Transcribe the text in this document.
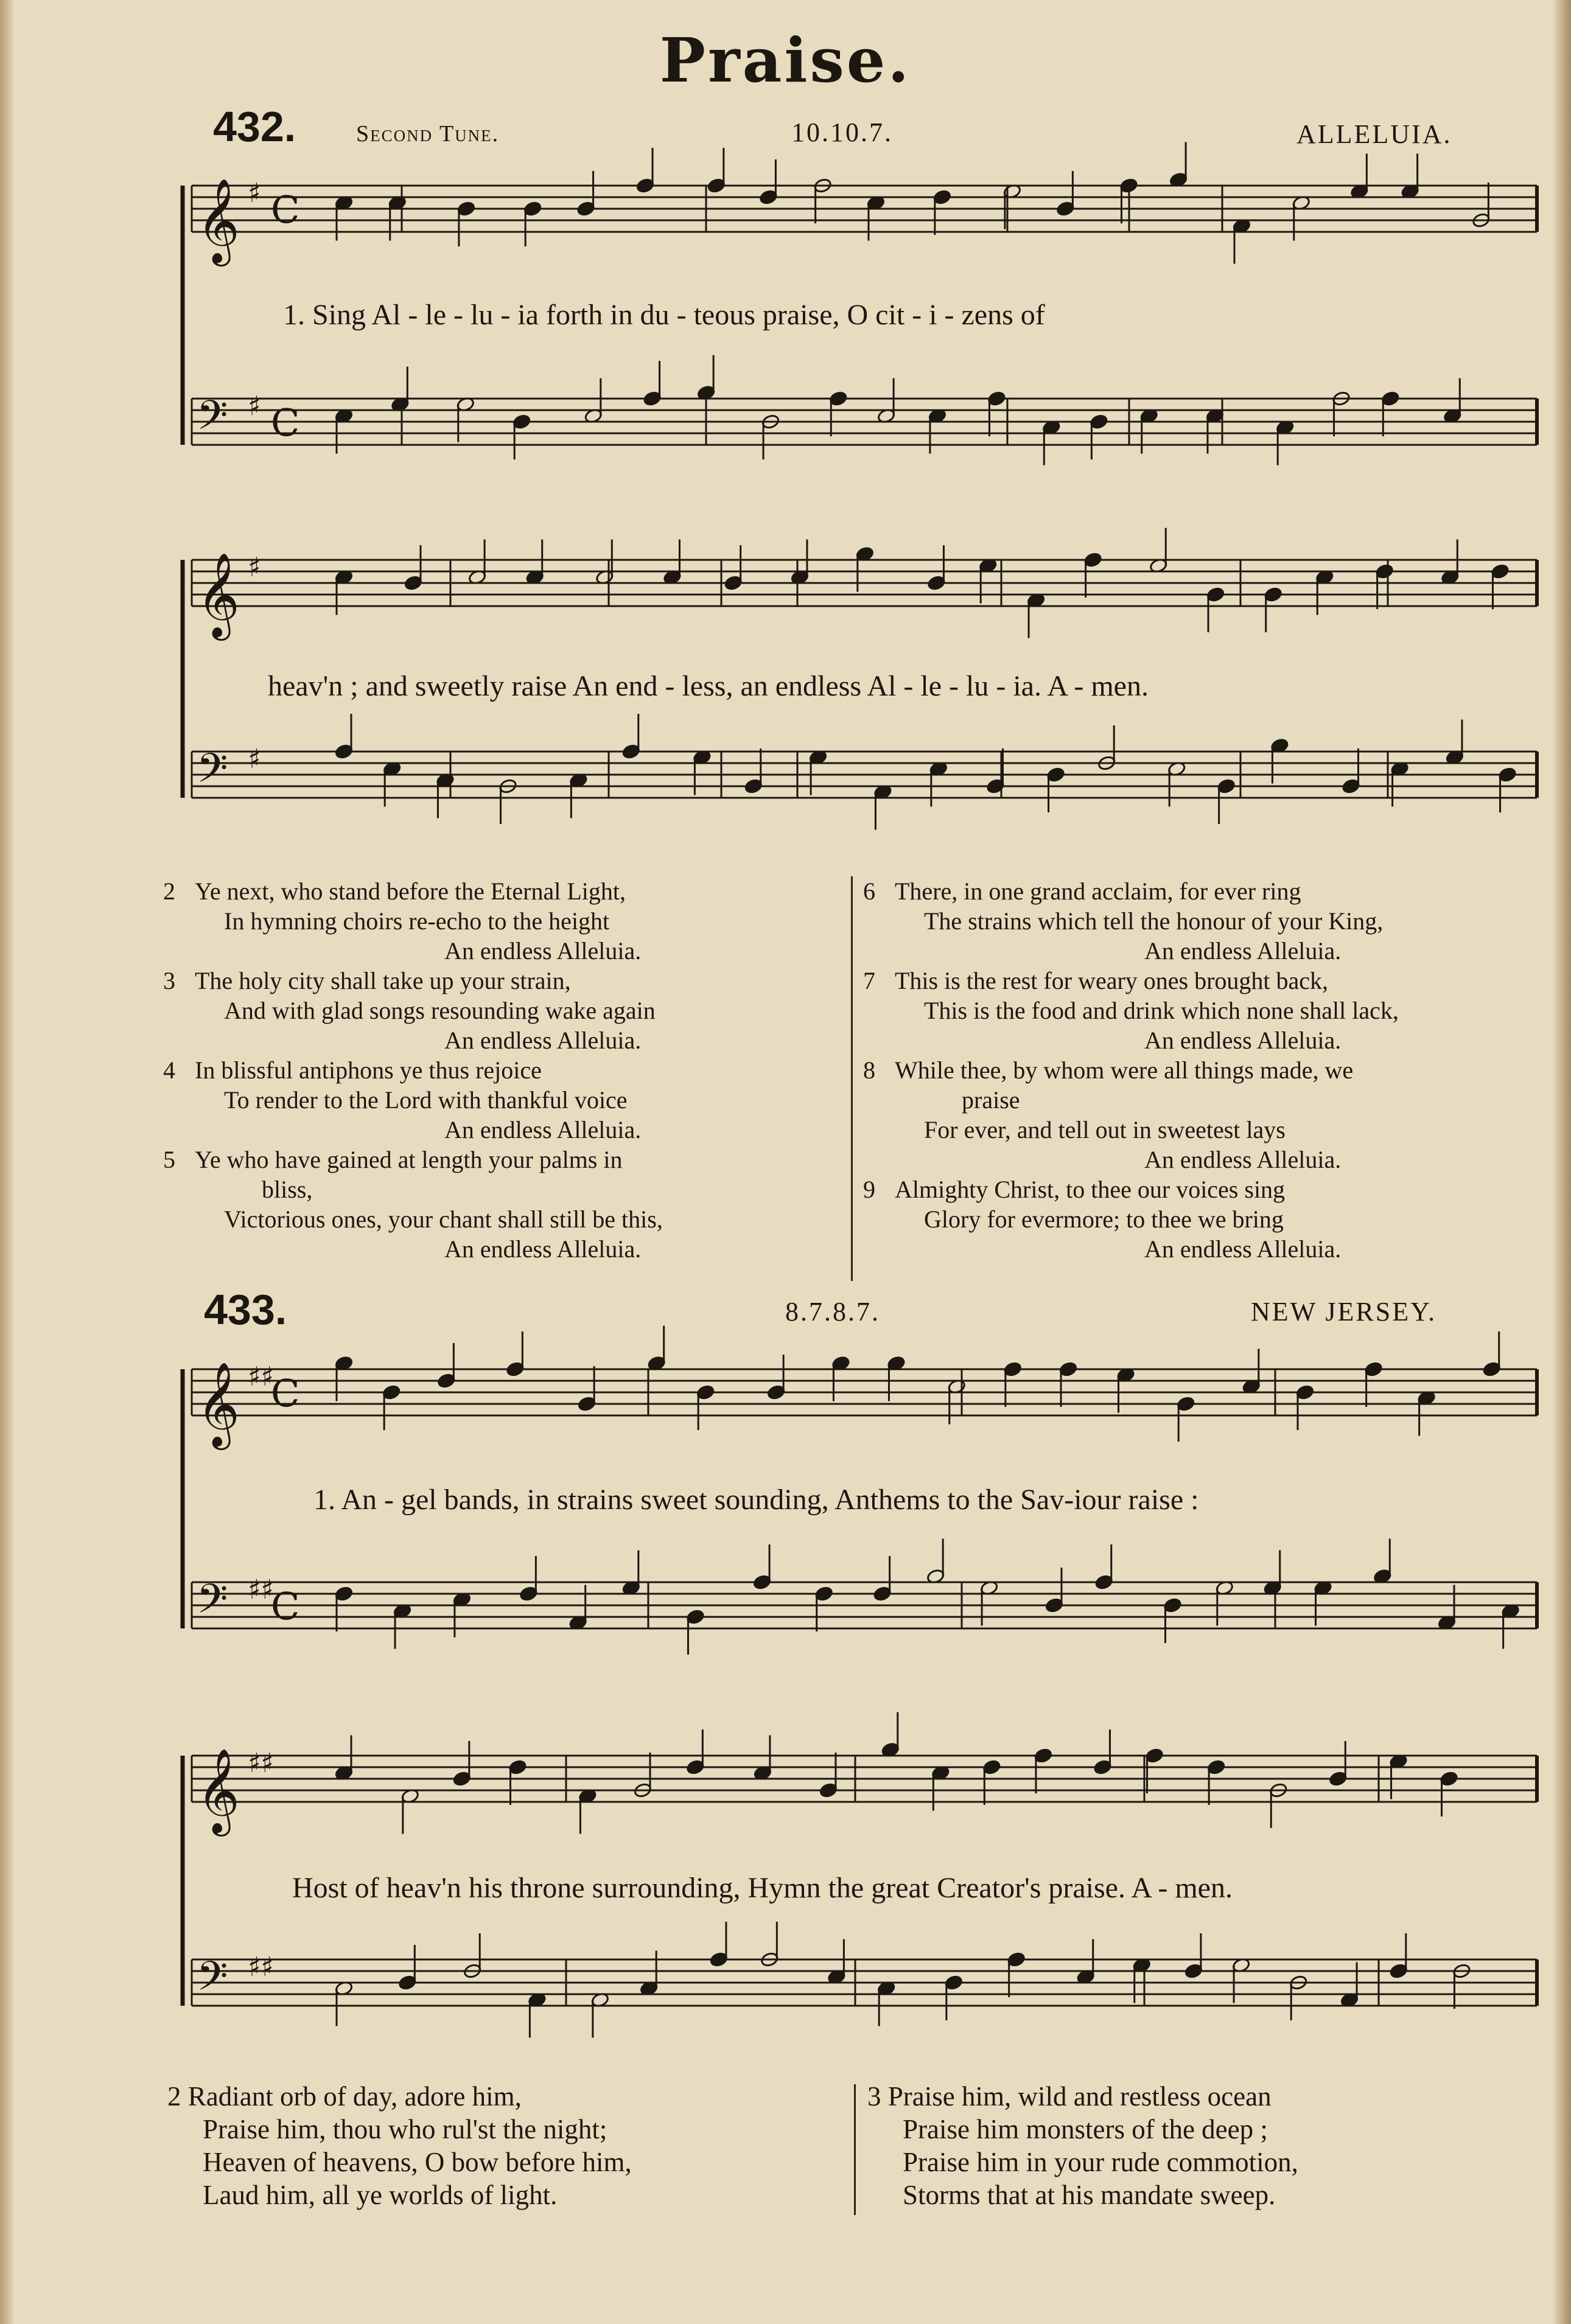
Praise.
432.	Second Tune.	10.10.7.	ALLELUIA.
1. Sing Al - le - lu - ia forth in du - teous praise, O cit - i - zens of
heav'n ; and sweetly raise An end - less, an endless Al - le - lu - ia. A - men.
2 Ye next, who stand before the Eternal Light,
In hymning choirs re-echo to the height
An endless Alleluia.
3 The holy city shall take up your strain,
And with glad songs resounding wake again
An endless Alleluia.
4 In blissful antiphons ye thus rejoice
To render to the Lord with thankful voice
An endless Alleluia.
5 Ye who have gained at length your palms in
bliss,
Victorious ones, your chant shall still be this,
An endless Alleluia.
6 There, in one grand acclaim, for ever ring
The strains which tell the honour of your King,
An endless Alleluia.
7 This is the rest for weary ones brought back,
This is the food and drink which none shall lack,
An endless Alleluia.
8 While thee, by whom were all things made, we
praise
For ever, and tell out in sweetest lays
An endless Alleluia.
9 Almighty Christ, to thee our voices sing
Glory for evermore; to thee we bring
An endless Alleluia.
433.	8.7.8.7.	NEW JERSEY.
1. An - gel bands, in strains sweet sounding, Anthems to the Sav-iour raise :
Host of heav'n his throne surrounding, Hymn the great Creator's praise. A - men.
2 Radiant orb of day, adore him,
Praise him, thou who rul'st the night;
Heaven of heavens, O bow before him,
Laud him, all ye worlds of light.
3 Praise him, wild and restless ocean
Praise him monsters of the deep ;
Praise him in your rude commotion,
Storms that at his mandate sweep.
𝄞 C
♯
𝄢 C
♯
𝄞 ♯
𝄢 ♯
𝄞 C
♯♯
𝄢 C
♯♯
𝄞 ♯♯
𝄢 ♯♯
